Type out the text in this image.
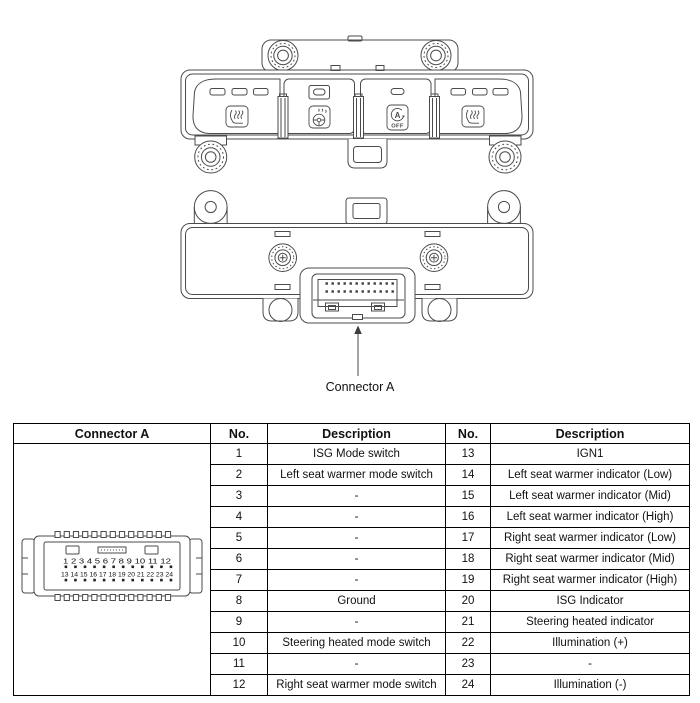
A
OFF
Connector A
Connector A	No.	Description	No.	Description

1 2 3 4 5 6 7 8 9 10 11 12
13 14 15 16 17 18 19 20 21 22 23 24	1	ISG Mode switch	13	IGN1
	2	Left seat warmer mode switch	14	Left seat warmer indicator (Low)
	3	-	15	Left seat warmer indicator (Mid)
	4	-	16	Left seat warmer indicator (High)
	5	-	17	Right seat warmer indicator (Low)
	6	-	18	Right seat warmer indicator (Mid)
	7	-	19	Right seat warmer indicator (High)
	8	Ground	20	ISG Indicator
	9	-	21	Steering heated indicator
	10	Steering heated mode switch	22	Illumination (+)
	11	-	23	-
	12	Right seat warmer mode switch	24	Illumination (-)
